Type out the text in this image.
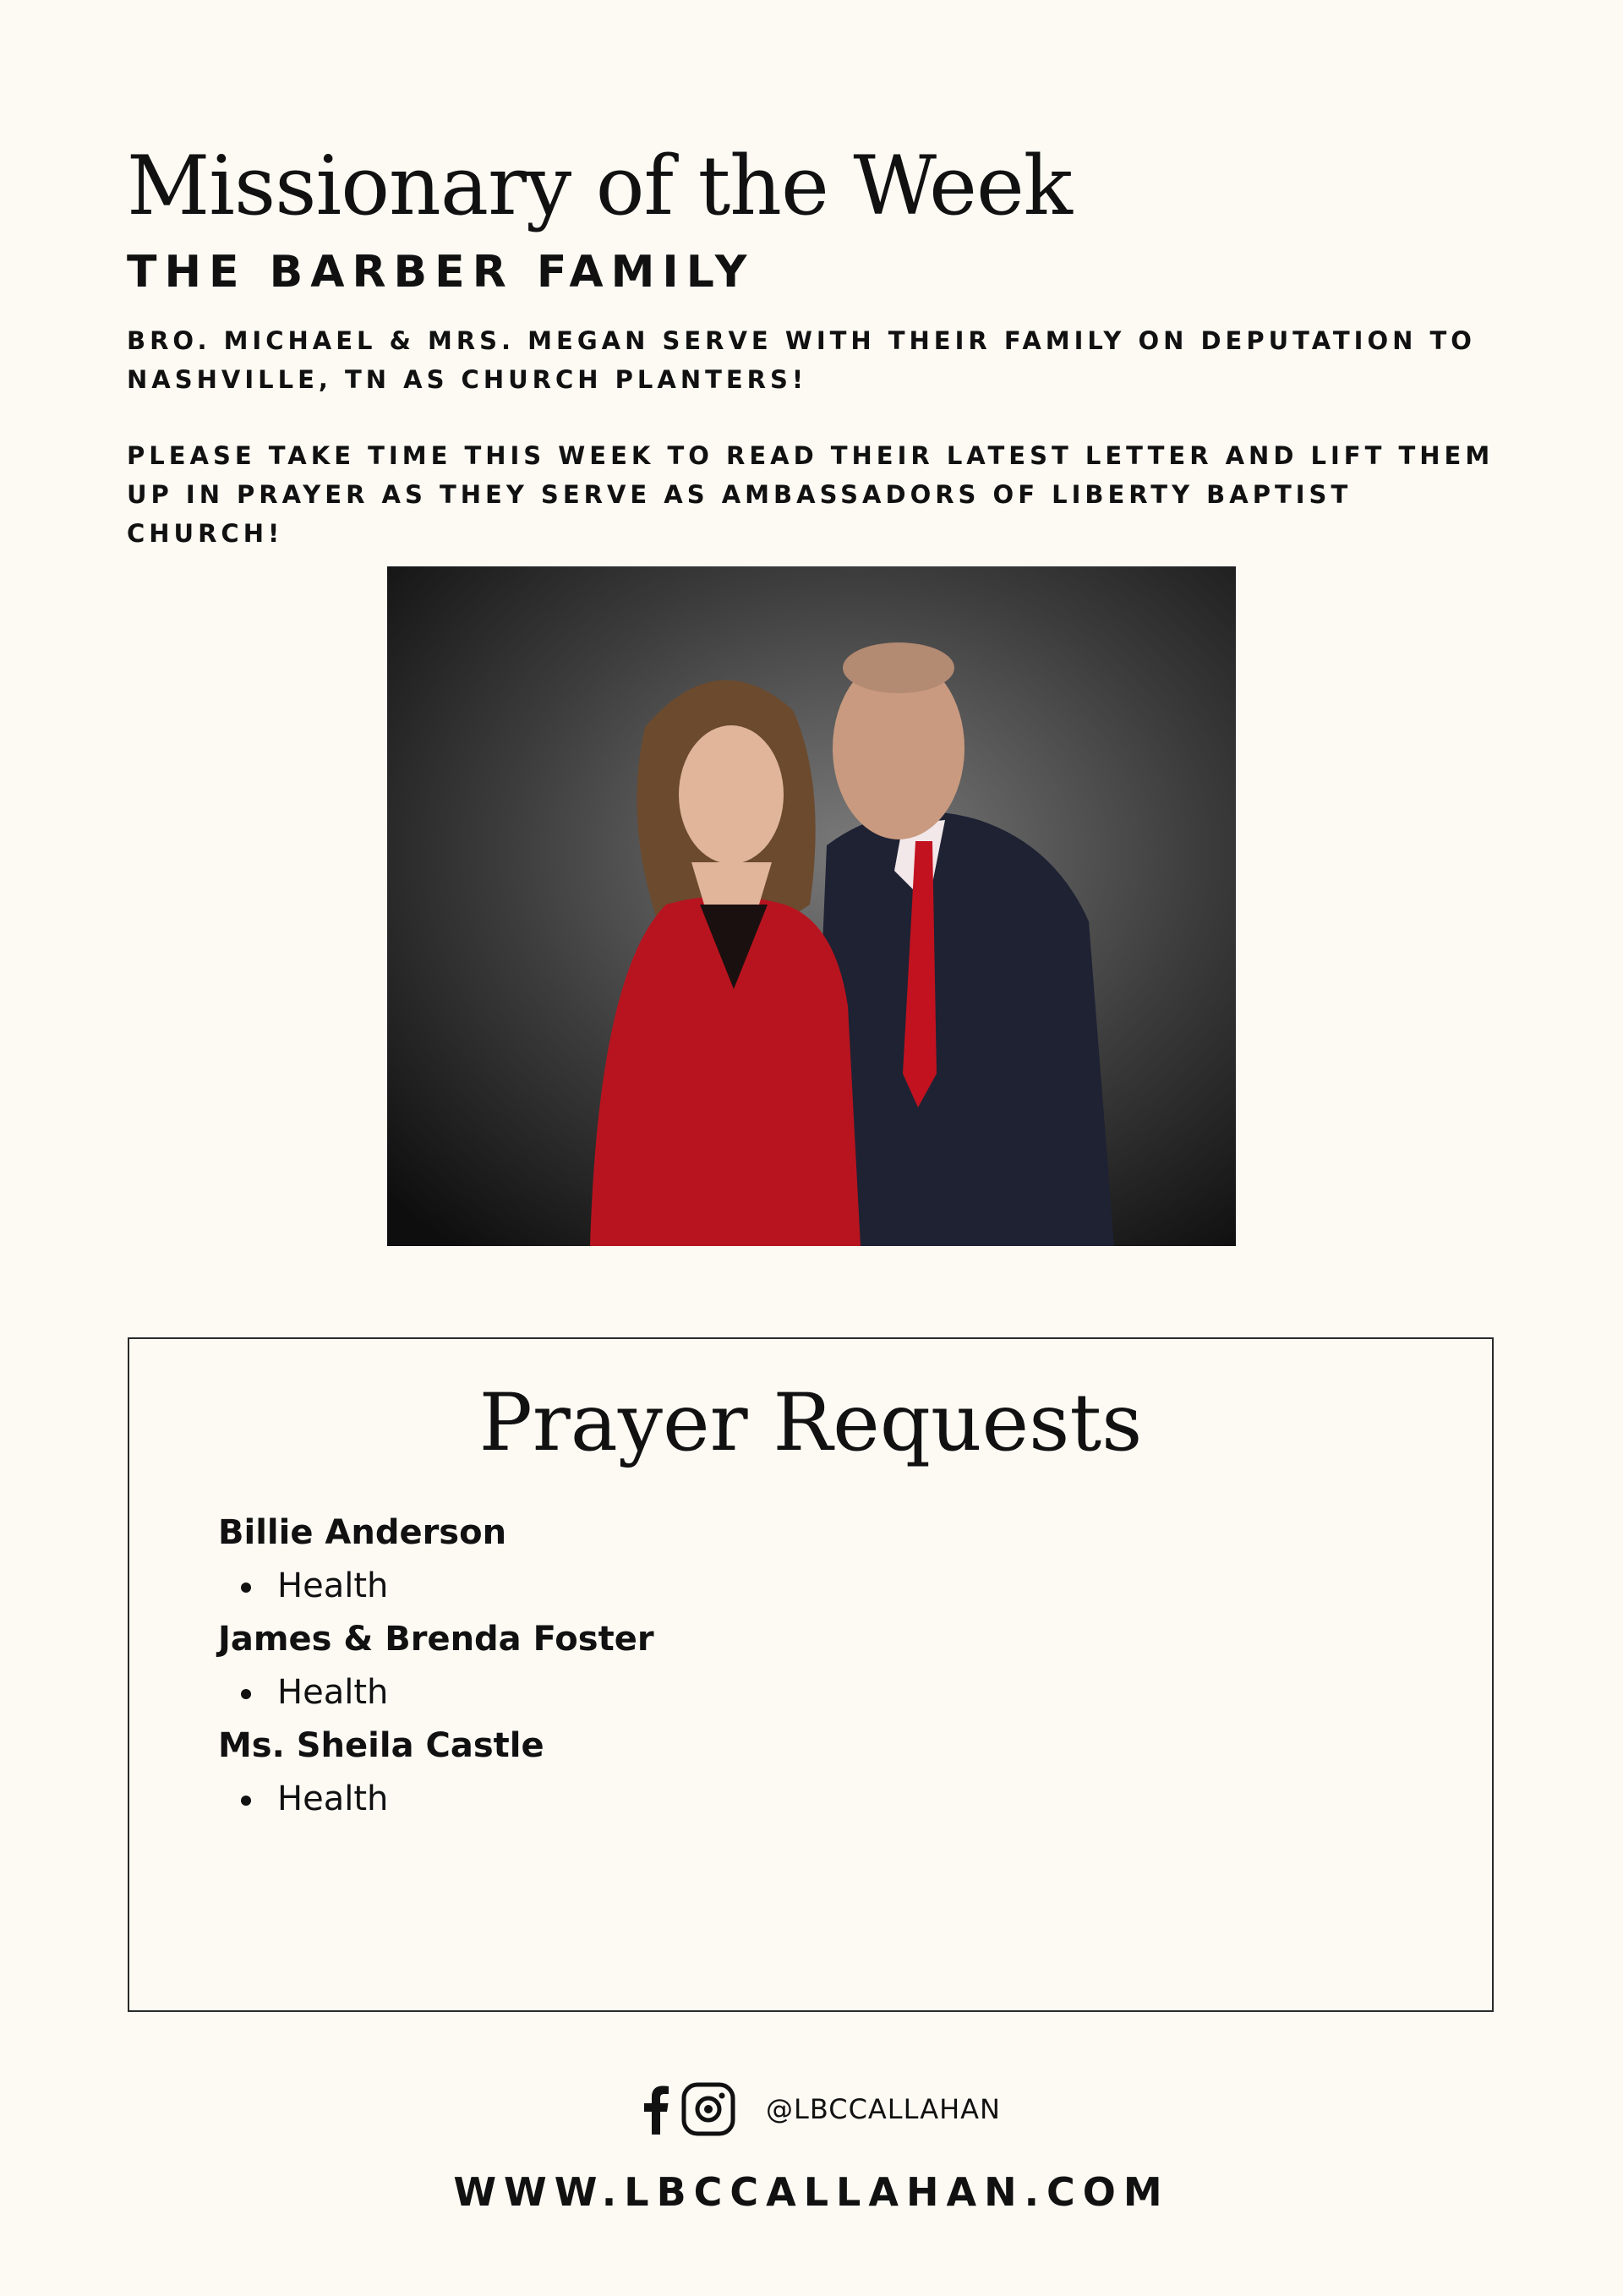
Missionary of the Week
THE BARBER FAMILY

BRO. MICHAEL & MRS. MEGAN SERVE WITH THEIR FAMILY ON DEPUTATION TO NASHVILLE, TN AS CHURCH PLANTERS!

PLEASE TAKE TIME THIS WEEK TO READ THEIR LATEST LETTER AND LIFT THEM UP IN PRAYER AS THEY SERVE AS AMBASSADORS OF LIBERTY BAPTIST CHURCH!

Prayer Requests

Billie Anderson

Health

James & Brenda Foster

Health

Ms. Sheila Castle

Health
@LBCCALLAHAN

WWW.LBCCALLAHAN.COM
